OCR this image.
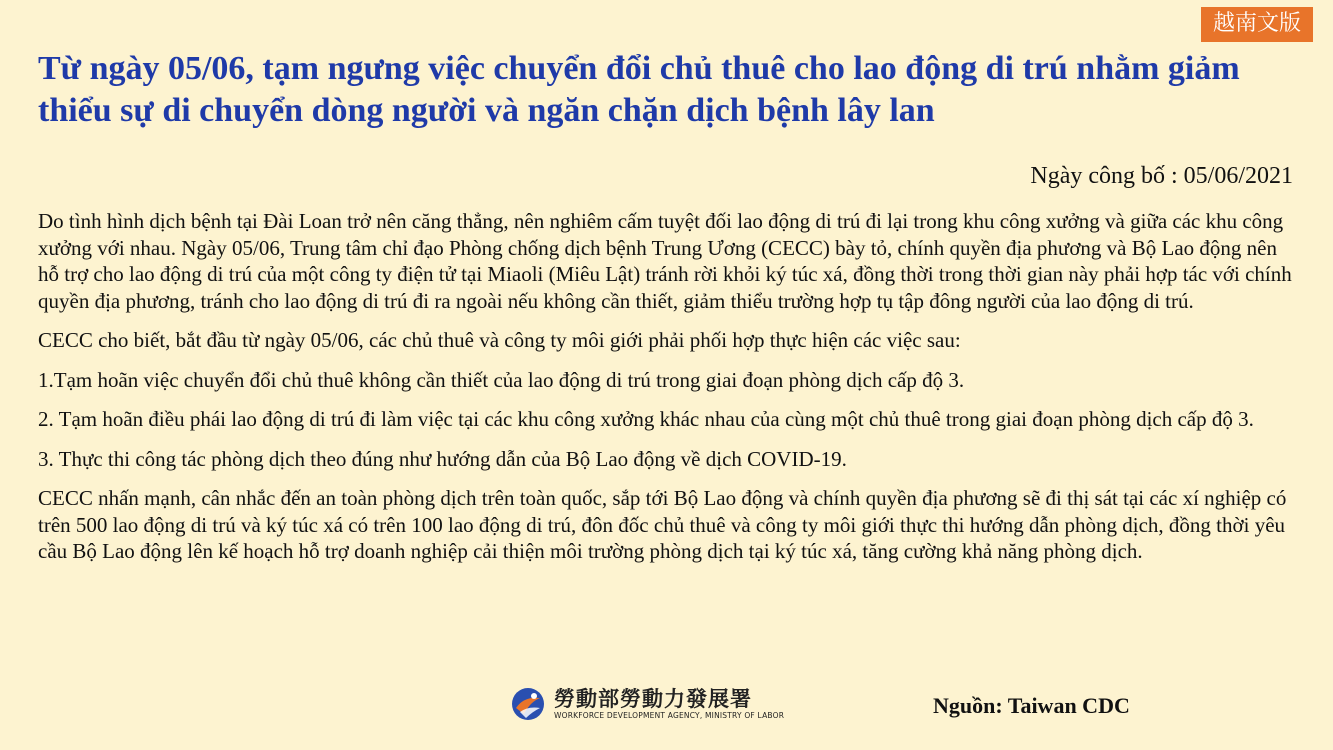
越南文版
Từ ngày 05/06, tạm ngưng việc chuyển đổi chủ thuê cho lao động di trú nhằm giảm thiểu sự di chuyển dòng người và ngăn chặn dịch bệnh lây lan
Ngày công bố : 05/06/2021

Do tình hình dịch bệnh tại Đài Loan trở nên căng thẳng, nên nghiêm cấm tuyệt đối lao động di trú đi lại trong khu công xưởng và giữa các khu công xưởng với nhau. Ngày 05/06, Trung tâm chỉ đạo Phòng chống dịch bệnh Trung Ương (CECC) bày tỏ, chính quyền địa phương và Bộ Lao động nên hỗ trợ cho lao động di trú của một công ty điện tử tại Miaoli (Miêu Lật) tránh rời khỏi ký túc xá, đồng thời trong thời gian này phải hợp tác với chính quyền địa phương, tránh cho lao động di trú đi ra ngoài nếu không cần thiết, giảm thiểu trường hợp tụ tập đông người của lao động di trú.

CECC cho biết, bắt đầu từ ngày 05/06, các chủ thuê và công ty môi giới phải phối hợp thực hiện các việc sau:

1.Tạm hoãn việc chuyển đổi chủ thuê không cần thiết của lao động di trú trong giai đoạn phòng dịch cấp độ 3.

2. Tạm hoãn điều phái lao động di trú đi làm việc tại các khu công xưởng khác nhau của cùng một chủ thuê trong giai đoạn phòng dịch cấp độ 3.

3. Thực thi công tác phòng dịch theo đúng như hướng dẫn của Bộ Lao động về dịch COVID-19.

CECC nhấn mạnh, cân nhắc đến an toàn phòng dịch trên toàn quốc, sắp tới Bộ Lao động và chính quyền địa phương sẽ đi thị sát tại các xí nghiệp có trên 500 lao động di trú và ký túc xá có trên 100 lao động di trú, đôn đốc chủ thuê và công ty môi giới thực thi hướng dẫn phòng dịch, đồng thời yêu cầu Bộ Lao động lên kế hoạch hỗ trợ doanh nghiệp cải thiện môi trường phòng dịch tại ký túc xá, tăng cường khả năng phòng dịch.

勞動部勞動力發展署
WORKFORCE DEVELOPMENT AGENCY, MINISTRY OF LABOR	Nguồn: Taiwan CDC
